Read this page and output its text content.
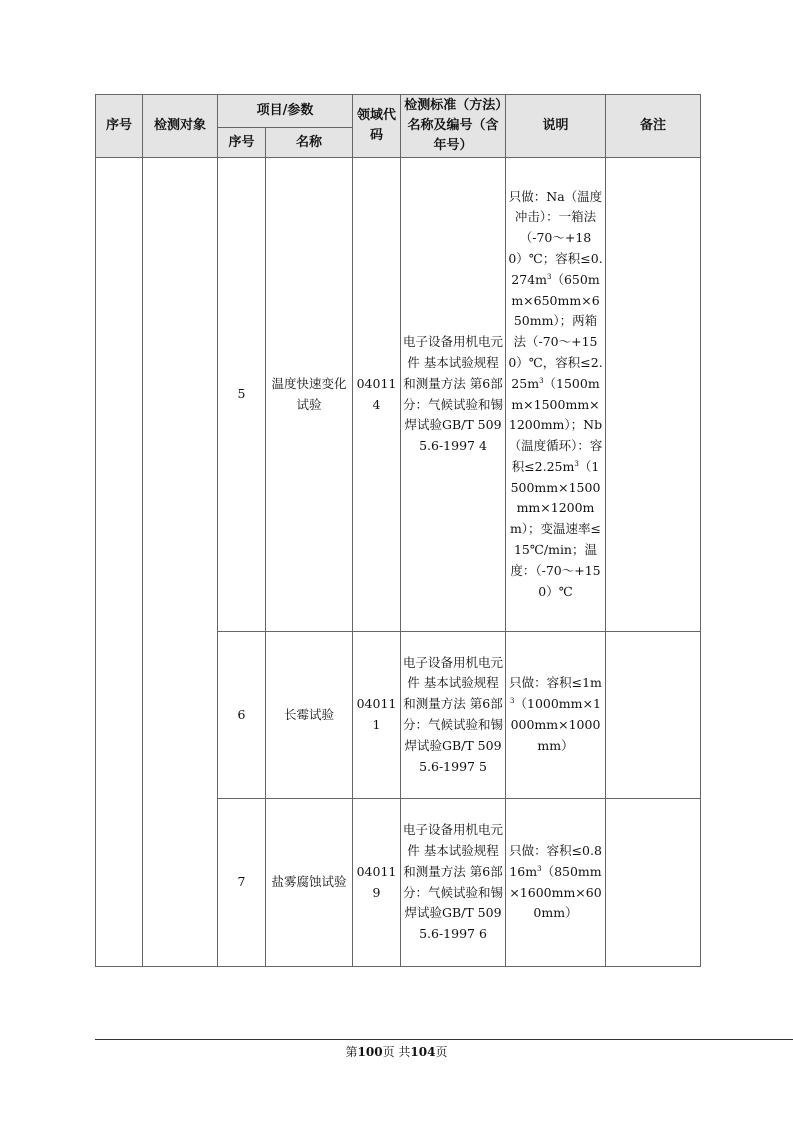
序号	检测对象	项目/参数		领域代码	检测标准（方法）名称及编号（含年号）	说明	备注
		序号	名称				
		5	温度快速变化试验	040114	电子设备用机电元件 基本试验规程和测量方法 第6部分：气候试验和锡焊试验GB/T 5095.6-1997 4	只做：Na（温度冲击）：一箱法（-70～+180）℃；容积$\le 0.274m^3(650mm\times 650mm\times 650mm)$；两箱法（-70～+150）℃，容积$\le 2.25m^3(1500mm\times 1500mm\times 1200mm)$；Nb（温度循环）：容积$\le 2.25m^3(1500mm\times 1500mm\times 1200mm)$；变温速率≤15℃/min；温度：（-70～+150）℃	
		6	长霉试验	040111	电子设备用机电元件 基本试验规程和测量方法 第6部分：气候试验和锡焊试验GB/T 5095.6-1997 5	只做：容积$\le 1m^3(1000mm\times 1000mm\times 1000mm)$	
		7	盐雾腐蚀试验	040119	电子设备用机电元件 基本试验规程和测量方法 第6部分：气候试验和锡焊试验GB/T 5095.6-1997 6	只做：容积$\le 0.816m^3(850mm\times 1600mm\times 600mm)$	
第100页 共104页
